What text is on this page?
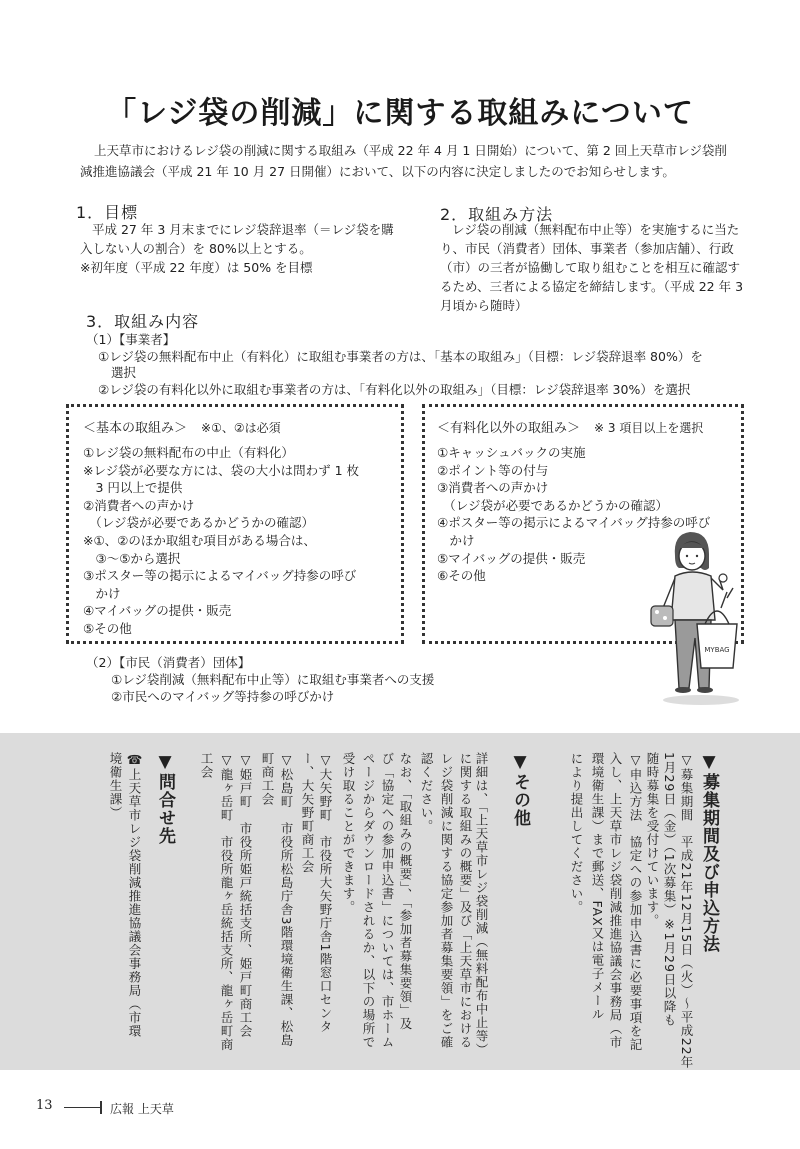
「レジ袋の削減」に関する取組みについて
上天草市におけるレジ袋の削減に関する取組み（平成 22 年 4 月 1 日開始）について、第 2 回上天草市レジ袋削減推進協議会（平成 21 年 10 月 27 日開催）において、以下の内容に決定しましたのでお知らせします。
1．目標
平成 27 年 3 月末までにレジ袋辞退率（＝レジ袋を購入しない人の割合）を 80%以上とする。
※初年度（平成 22 年度）は 50% を目標
2．取組み方法
レジ袋の削減（無料配布中止等）を実施するに当たり、市民（消費者）団体、事業者（参加店舗）、行政（市）の三者が協働して取り組むことを相互に確認するため、三者による協定を締結します。（平成 22 年 3 月頃から随時）
3．取組み内容
（1）【事業者】
①レジ袋の無料配布中止（有料化）に取組む事業者の方は、「基本の取組み」（目標：レジ袋辞退率 80%）を
選択
②レジ袋の有料化以外に取組む事業者の方は、「有料化以外の取組み」（目標：レジ袋辞退率 30%）を選択
＜基本の取組み＞ ※①、②は必須
①レジ袋の無料配布の中止（有料化）
※レジ袋が必要な方には、袋の大小は問わず 1 枚
　3 円以上で提供
②消費者への声かけ
　（レジ袋が必要であるかどうかの確認）
※①、②のほか取組む項目がある場合は、
　③～⑤から選択
③ポスター等の掲示によるマイバッグ持参の呼び
　かけ
④マイバッグの提供・販売
⑤その他
＜有料化以外の取組み＞ ※ 3 項目以上を選択
①キャッシュバックの実施
②ポイント等の付与
③消費者への声かけ
　（レジ袋が必要であるかどうかの確認）
④ポスター等の掲示によるマイバッグ持参の呼び
　かけ
⑤マイバッグの提供・販売
⑥その他
MYBAG
（2）【市民（消費者）団体】
①レジ袋削減（無料配布中止等）に取組む事業者への支援
②市民へのマイバッグ等持参の呼びかけ
▼募集期間及び申込方法
▽募集期間　平成21年12月15日（火）～平成22年
1月29日（金）（1次募集）※1月29日以降も
随時募集を受付けています。
▽申込方法　協定への参加申込書に必要事項を記
入し、上天草市レジ袋削減推進協議会事務局（市
環境衛生課）まで郵送、FAX又は電子メール
により提出してください。
▼その他
詳細は、「上天草市レジ袋削減（無料配布中止等）
に関する取組みの概要」及び「上天草市における
レジ袋削減に関する協定参加者募集要領」をご確
認ください。
なお、「取組みの概要」、「参加者募集要領」及
び「協定への参加申込書」については、市ホーム
ページからダウンロードされるか、以下の場所で
受け取ることができます。
▽大矢野町　市役所大矢野庁舎1階窓口センタ
ー、大矢野町商工会
▽松島町　市役所松島庁舎3階環境衛生課、松島
町商工会
▽姫戸町　市役所姫戸統括支所、姫戸町商工会
▽龍ヶ岳町　市役所龍ヶ岳統括支所、龍ヶ岳町商
工会
▼問合せ先
☎上天草市レジ袋削減推進協議会事務局（市環
境衛生課）
13	広報 上天草
